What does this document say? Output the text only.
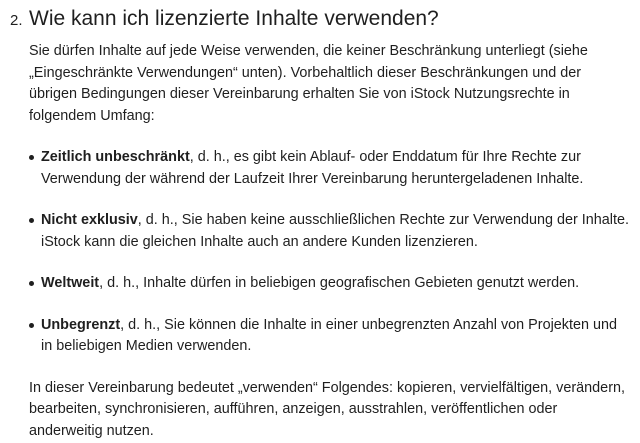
2. Wie kann ich lizenzierte Inhalte verwenden?

Sie dürfen Inhalte auf jede Weise verwenden, die keiner Beschränkung unterliegt (siehe „Eingeschränkte Verwendungen“ unten). Vorbehaltlich dieser Beschränkungen und der übrigen Bedingungen dieser Vereinbarung erhalten Sie von iStock Nutzungsrechte in folgendem Umfang:

Zeitlich unbeschränkt, d. h., es gibt kein Ablauf- oder Enddatum für Ihre Rechte zur Verwendung der während der Laufzeit Ihrer Vereinbarung heruntergeladenen Inhalte.
Nicht exklusiv, d. h., Sie haben keine ausschließlichen Rechte zur Verwendung der Inhalte. iStock kann die gleichen Inhalte auch an andere Kunden lizenzieren.
Weltweit, d. h., Inhalte dürfen in beliebigen geografischen Gebieten genutzt werden.
Unbegrenzt, d. h., Sie können die Inhalte in einer unbegrenzten Anzahl von Projekten und in beliebigen Medien verwenden.

In dieser Vereinbarung bedeutet „verwenden“ Folgendes: kopieren, vervielfältigen, verändern, bearbeiten, synchronisieren, aufführen, anzeigen, ausstrahlen, veröffentlichen oder anderweitig nutzen.
